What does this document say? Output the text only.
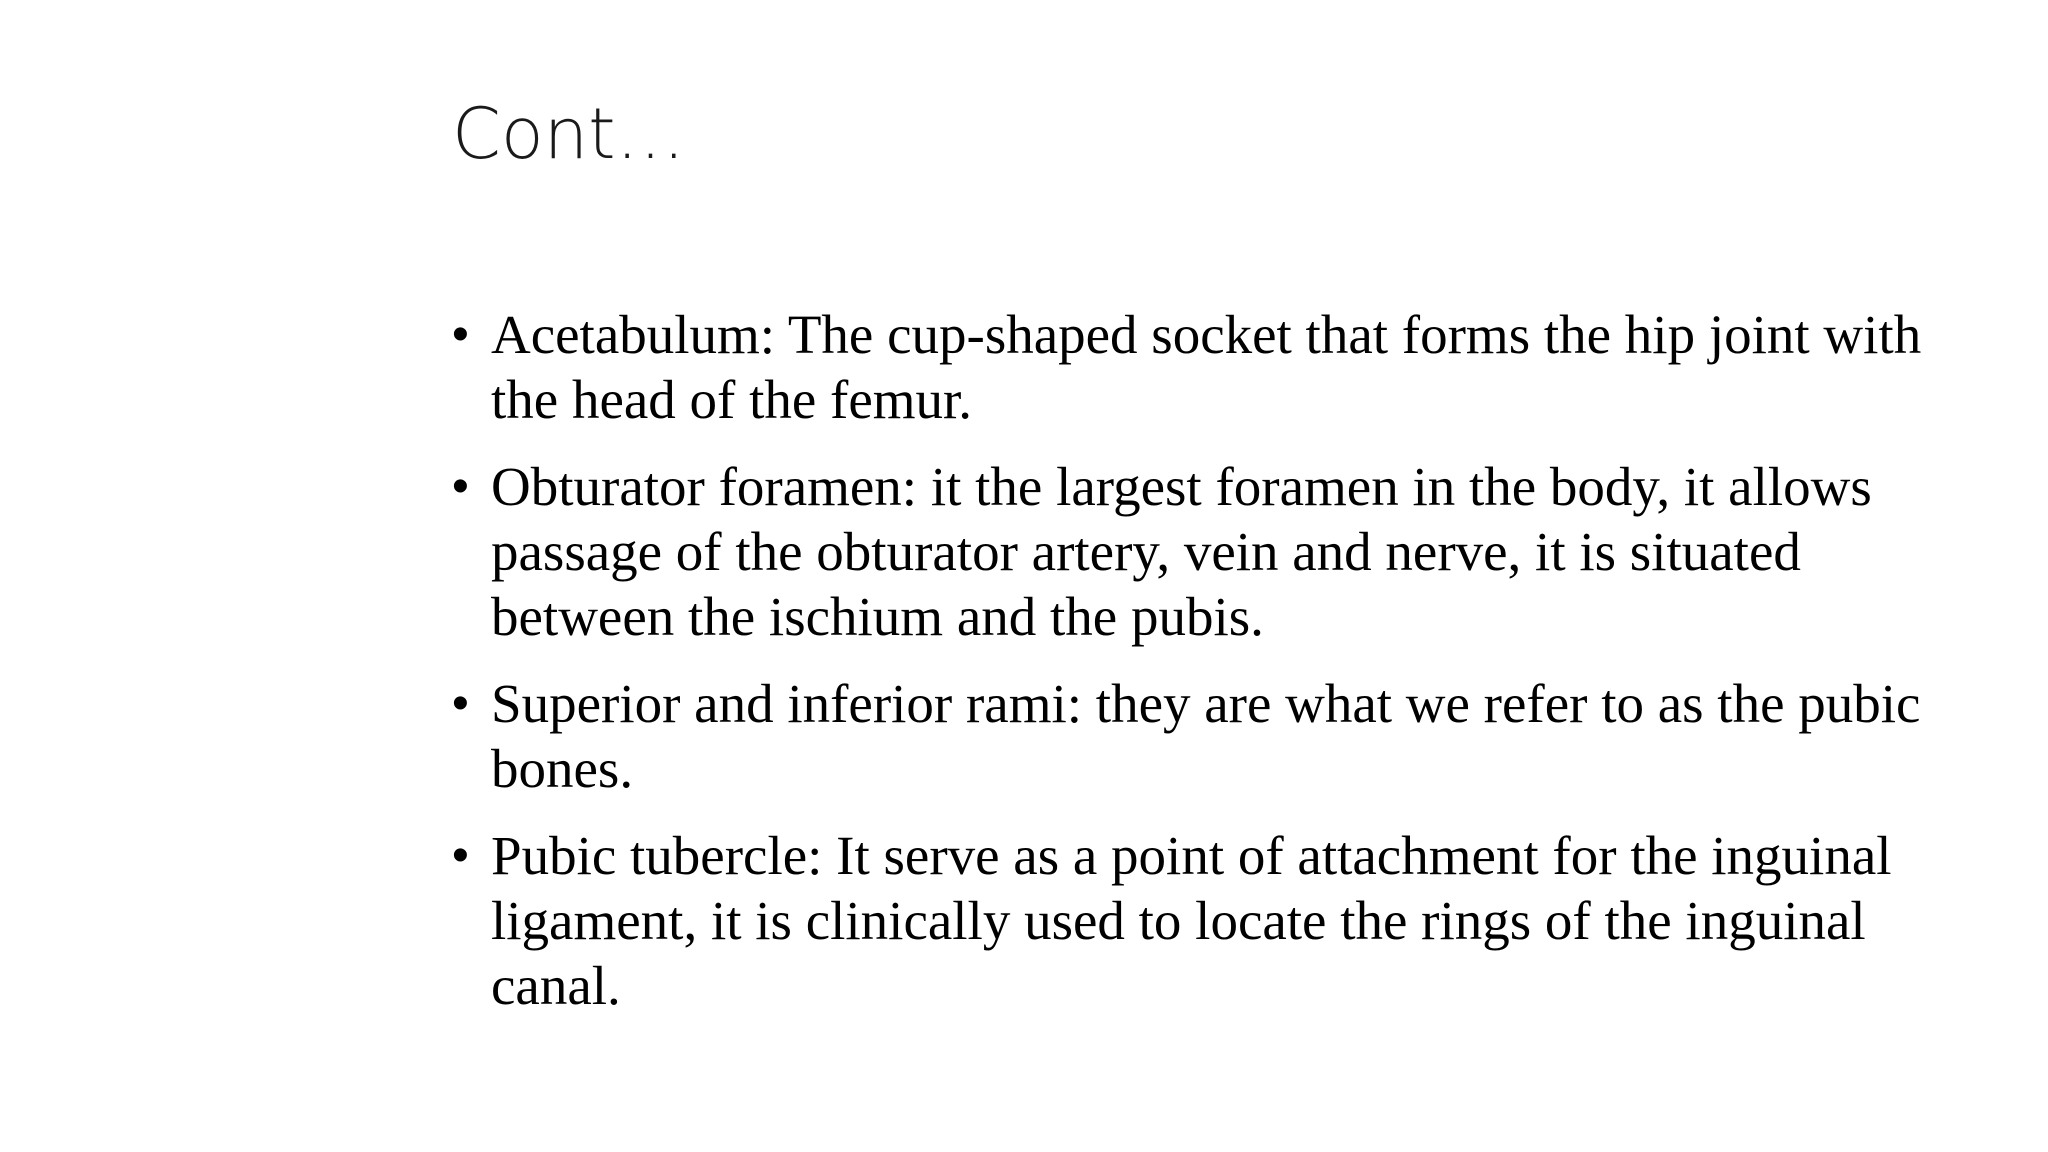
Cont…
• Acetabulum: The cup-shaped socket that forms the hip joint with the head of the femur.
• Obturator foramen: it the largest foramen in the body, it allows passage of the obturator artery, vein and nerve, it is situated between the ischium and the pubis.
• Superior and inferior rami: they are what we refer to as the pubic bones.
• Pubic tubercle: It serve as a point of attachment for the inguinal ligament, it is clinically used to locate the rings of the inguinal canal.
